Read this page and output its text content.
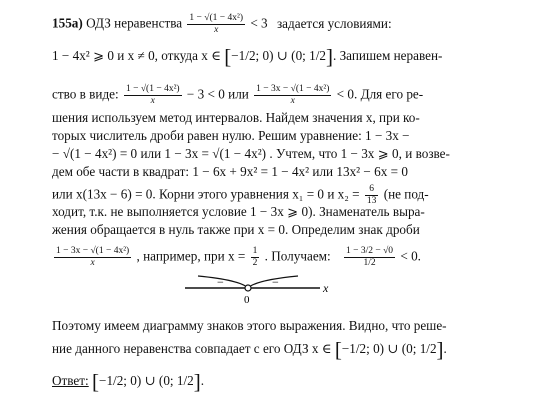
155а) ОДЗ неравенства $\frac{\text{1 − √(1 − 4x²)}}{x} < 3$ задается условиями:
1 − 4x² ⩾ 0 и x ≠ 0, откуда x ∈ [−1/2; 0) ∪ (0; 1/2]. Запишем неравен-
ство в виде: $\frac{\text{1 − √(1 − 4x²)}}{x} - 3 < 0$ или $\frac{\text{1 − 3x − √(1 − 4x²)}}{x} < 0$. Для его ре-
шения используем метод интервалов. Найдем значения x, при ко-
торых числитель дроби равен нулю. Решим уравнение: 1 − 3x −
− √(1 − 4x²) = 0 или 1 − 3x = √(1 − 4x²) . Учтем, что 1 − 3x ⩾ 0, и возве-
дем обе части в квадрат: 1 − 6x + 9x² = 1 − 4x² или 13x² − 6x = 0
или x(13x − 6) = 0. Корни этого уравнения x₁ = 0 и $x_2 = \frac{6}{13} (не$ под-
ходит, т.к. не выполняется условие 1 − 3x ⩾ 0). Знаменатель выра-
жения обращается в нуль также при x = 0. Определим знак дроби
$\frac{\text{1 − 3x − √(1 − 4x²)}}{x}$ , например, при $x = \frac{1}{2}$ . Получаем: $\frac{1 - 3/2 - √0}{1/2} < 0$.
−	−
0
x
Поэтому имеем диаграмму знаков этого выражения. Видно, что реше-
ние данного неравенства совпадает с его ОДЗ x ∈ [−1/2; 0) ∪ (0; 1/2].
Ответ: [−1/2; 0) ∪ (0; 1/2].
